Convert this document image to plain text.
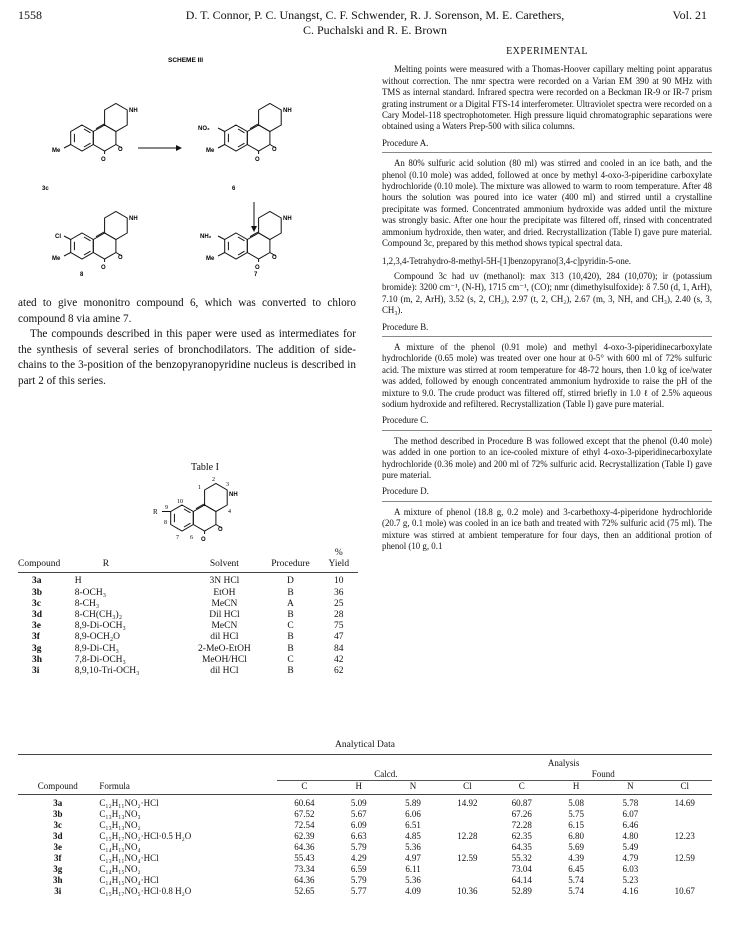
1558	D. T. Connor, P. C. Unangst, C. F. Schwender, R. J. Sorenson, M. E. Carethers,
C. Puchalski and R. E. Brown
Vol. 21
SCHEME III
Me
NH
O
O
3c
Me
NO₂
NH
O
O
6
Me
Cl
NH
O
O
8
Me
NH₂
NH
O
O
7

ated to give mononitro compound 6, which was converted to chloro compound 8 via amine 7.

The compounds described in this paper were used as intermediates for the synthesis of several series of bronchodilators. The addition of side-chains to the 3-position of the benzopyranopyridine nucleus is described in part 2 of this series.

Table I
R
10
9
8
7 6
1
2
3
NH
4
O
O
Compound	R	Solvent	Procedure	%
Yield

3a	H	3N HCl	D	10
3b	8-OCH₃	EtOH	B	36
3c	8-CH₃	MeCN	A	25
3d	8-CH(CH₃)₂	Dil HCl	B	28
3e	8,9-Di-OCH₃	MeCN	C	75
3f	8,9-OCH₂O	dil HCl	B	47
3g	8,9-Di-CH₃	2-MeO-EtOH	B	84
3h	7,8-Di-OCH₃	MeOH/HCl	C	42
3i	8,9,10-Tri-OCH₃	dil HCl	B	62
EXPERIMENTAL

Melting points were measured with a Thomas-Hoover capillary melting point apparatus without correction. The nmr spectra were recorded on a Varian EM 390 at 90 MHz with TMS as internal standard. Infrared spectra were recorded on a Beckman IR-9 or IR-7 prism grating instrument or a Digital FTS-14 interferometer. Ultraviolet spectra were recorded on a Cary Model-118 spectrophotometer. High pressure liquid chromatographic separations were obtained using a Waters Prep-500 with silica columns.

Procedure A.

An 80% sulfuric acid solution (80 ml) was stirred and cooled in an ice bath, and the phenol (0.10 mole) was added, followed at once by methyl 4-oxo-3-piperidine carboxylate hydrochloride (0.10 mole). The mixture was allowed to warm to room temperature. After 48 hours the solution was poured into ice water (400 ml) and stirred until a crystalline precipitate was formed. Concentrated ammonium hydroxide was added until the mixture was strongly basic. After one hour the precipitate was filtered off, rinsed with concentrated ammonium hydroxide, then water, and dried. Recrystallization (Table I) gave pure material. Compound 3c, prepared by this method shows typical spectral data.

1,2,3,4-Tetrahydro-8-methyl-5H-[1]benzopyrano[3,4-c]pyridin-5-one.

Compound 3c had uv (methanol): max 313 (10,420), 284 (10,070); ir (potassium bromide): 3200 cm⁻¹, (N-H), 1715 cm⁻¹, (CO); nmr (dimethylsulfoxide): δ 7.50 (d, 1, ArH), 7.10 (m, 2, ArH), 3.52 (s, 2, CH₂), 2.97 (t, 2, CH₂), 2.67 (m, 3, NH, and CH₃), 2.40 (s, 3, CH₃).

Procedure B.

A mixture of the phenol (0.91 mole) and methyl 4-oxo-3-piperidinecarboxylate hydrochloride (0.65 mole) was treated over one hour at 0-5° with 600 ml of 72% sulfuric acid. The mixture was stirred at room temperature for 48-72 hours, then 1.0 kg of ice/water was added, followed by enough concentrated ammonium hydroxide to raise the pH of the mixture to 9.0. The crude product was filtered off, stirred briefly in 1.0 ℓ of 2.5% aqueous sodium hydroxide and refiltered. Recrystallization (Table I) gave pure material.

Procedure C.

The method described in Procedure B was followed except that the phenol (0.40 mole) was added in one portion to an ice-cooled mixture of ethyl 4-oxo-3-piperidinecarboxylate hydrochloride (0.36 mole) and 200 ml of 72% sulfuric acid. Recrystallization (Table I) gave pure material.

Procedure D.

A mixture of phenol (18.8 g, 0.2 mole) and 3-carbethoxy-4-piperidone hydrochloride (20.7 g, 0.1 mole) was cooled in an ice bath and treated with 72% sulfuric acid (75 ml). The mixture was stirred at ambient temperature for four days, then an additional protion of phenol (10 g, 0.1

Analytical Data
		Analysis							
		Calcd.				Found			
Compound	Formula	C	H	N	Cl	C	H	N	Cl
3a	C₁₂H₁₁NO₂·HCl	60.64	5.09	5.89	14.92	60.87	5.08	5.78	14.69
3b	C₁₃H₁₃NO₃	67.52	5.67	6.06		67.26	5.75	6.07	
3c	C₁₃H₁₃NO₂	72.54	6.09	6.51		72.28	6.15	6.46	
3d	C₁₅H₁₇NO₂·HCl·0.5 H₂O	62.39	6.63	4.85	12.28	62.35	6.80	4.80	12.23
3e	C₁₄H₁₅NO₄	64.36	5.79	5.36		64.35	5.69	5.49	
3f	C₁₃H₁₁NO₄·HCl	55.43	4.29	4.97	12.59	55.32	4.39	4.79	12.59
3g	C₁₄H₁₅NO₂	73.34	6.59	6.11		73.04	6.45	6.03	
3h	C₁₄H₁₅NO₄·HCl	64.36	5.79	5.36		64.14	5.74	5.23	
3i	C₁₅H₁₇NO₅·HCl·0.8 H₂O	52.65	5.77	4.09	10.36	52.89	5.74	4.16	10.67
